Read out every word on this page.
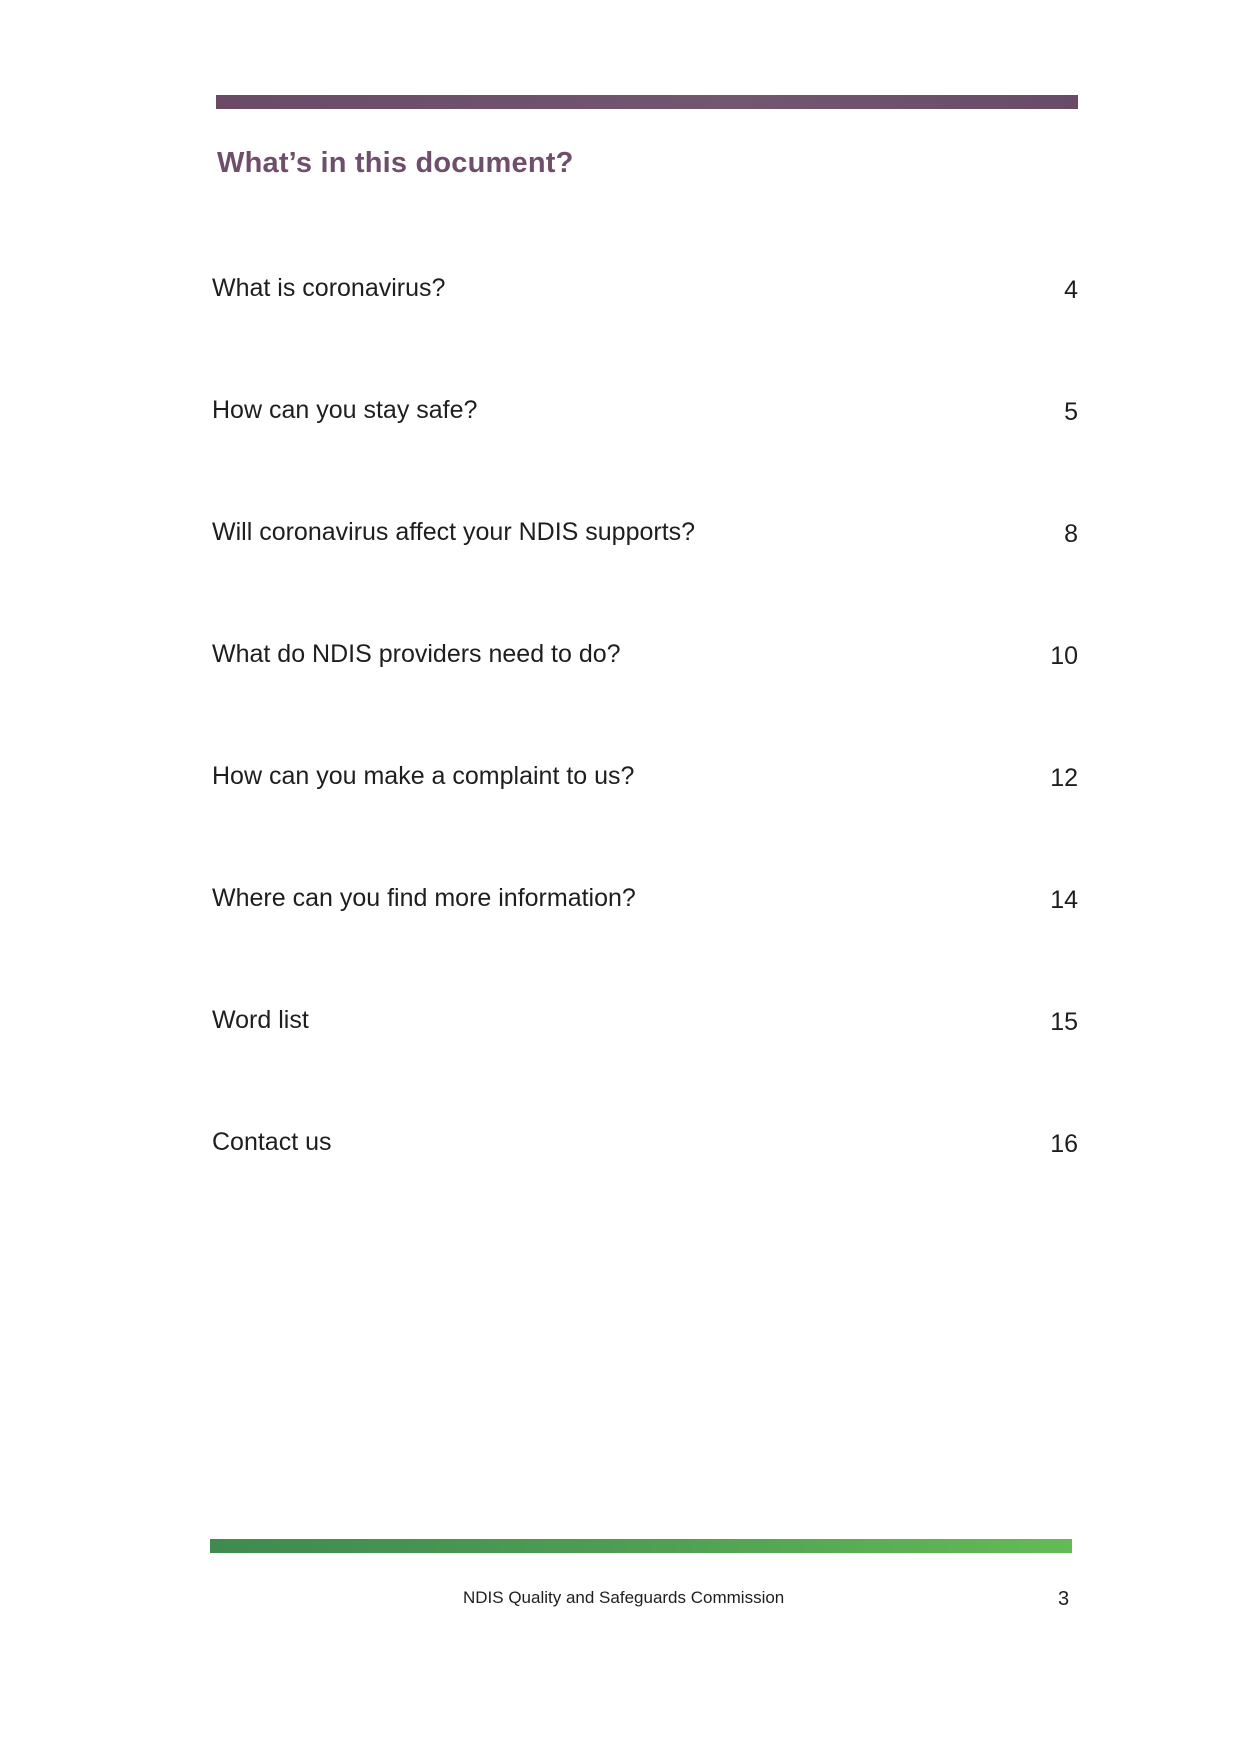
What’s in this document?
What is coronavirus?	4
How can you stay safe?	5
Will coronavirus affect your NDIS supports?	8
What do NDIS providers need to do?	10
How can you make a complaint to us?	12
Where can you find more information?	14
Word list	15
Contact us	16
NDIS Quality and Safeguards Commission	3
